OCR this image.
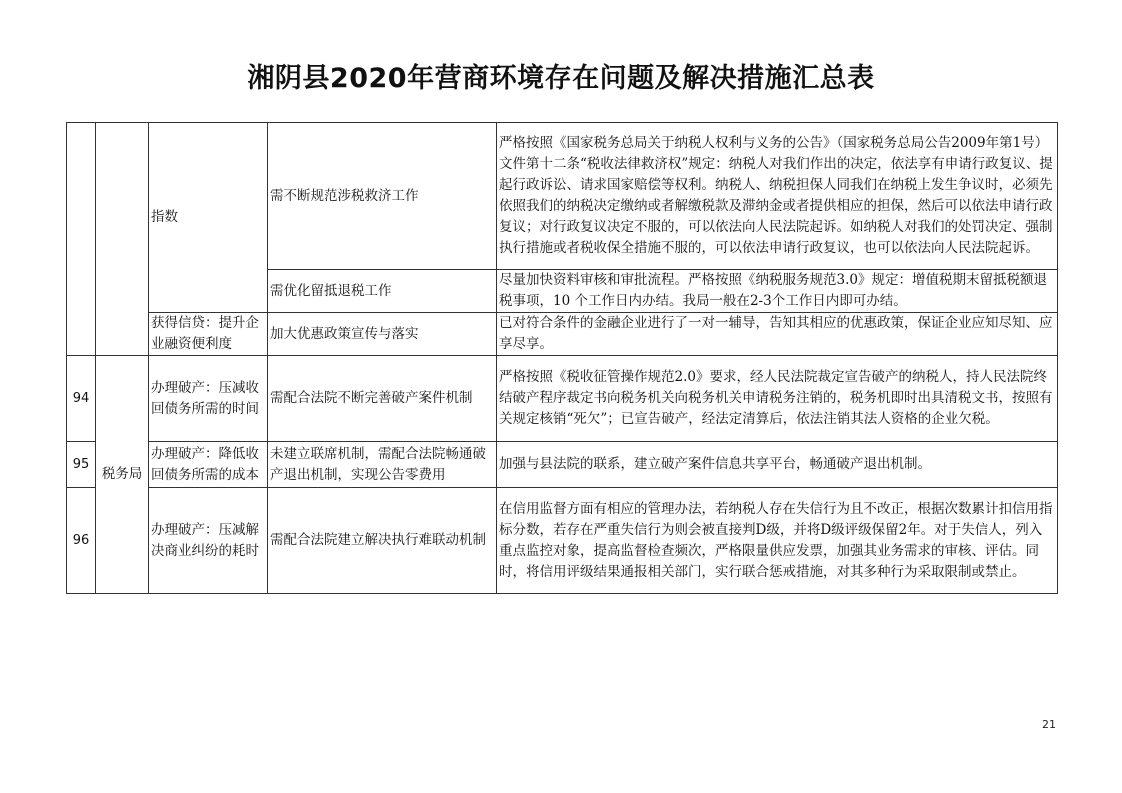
湘阴县2020年营商环境存在问题及解决措施汇总表
		指数	需不断规范涉税救济工作	严格按照《国家税务总局关于纳税人权利与义务的公告》（国家税务总局公告2009年第1号）文件第十二条“税收法律救济权”规定：纳税人对我们作出的决定，依法享有申请行政复议、提起行政诉讼、请求国家赔偿等权利。纳税人、纳税担保人同我们在纳税上发生争议时，必须先依照我们的纳税决定缴纳或者解缴税款及滞纳金或者提供相应的担保，然后可以依法申请行政复议；对行政复议决定不服的，可以依法向人民法院起诉。如纳税人对我们的处罚决定、强制执行措施或者税收保全措施不服的，可以依法申请行政复议，也可以依法向人民法院起诉。
			需优化留抵退税工作	尽量加快资料审核和审批流程。严格按照《纳税服务规范3.0》规定：增值税期末留抵税额退税事项，10 个工作日内办结。我局一般在2-3个工作日内即可办结。
		获得信贷：提升企业融资便利度	加大优惠政策宣传与落实	已对符合条件的金融企业进行了一对一辅导，告知其相应的优惠政策，保证企业应知尽知、应享尽享。
94	税务局	办理破产：压减收回债务所需的时间	需配合法院不断完善破产案件机制	严格按照《税收征管操作规范2.0》要求，经人民法院裁定宣告破产的纳税人，持人民法院终结破产程序裁定书向税务机关向税务机关申请税务注销的，税务机即时出具清税文书，按照有关规定核销“死欠”；已宣告破产，经法定清算后，依法注销其法人资格的企业欠税。
95		办理破产：降低收回债务所需的成本	未建立联席机制，需配合法院畅通破产退出机制，实现公告零费用	加强与县法院的联系，建立破产案件信息共享平台，畅通破产退出机制。
96		办理破产：压减解决商业纠纷的耗时	需配合法院建立解决执行难联动机制	在信用监督方面有相应的管理办法，若纳税人存在失信行为且不改正，根据次数累计扣信用指标分数，若存在严重失信行为则会被直接判D级，并将D级评级保留2年。对于失信人，列入重点监控对象，提高监督检查频次，严格限量供应发票，加强其业务需求的审核、评估。同时，将信用评级结果通报相关部门，实行联合惩戒措施，对其多种行为采取限制或禁止。
21
